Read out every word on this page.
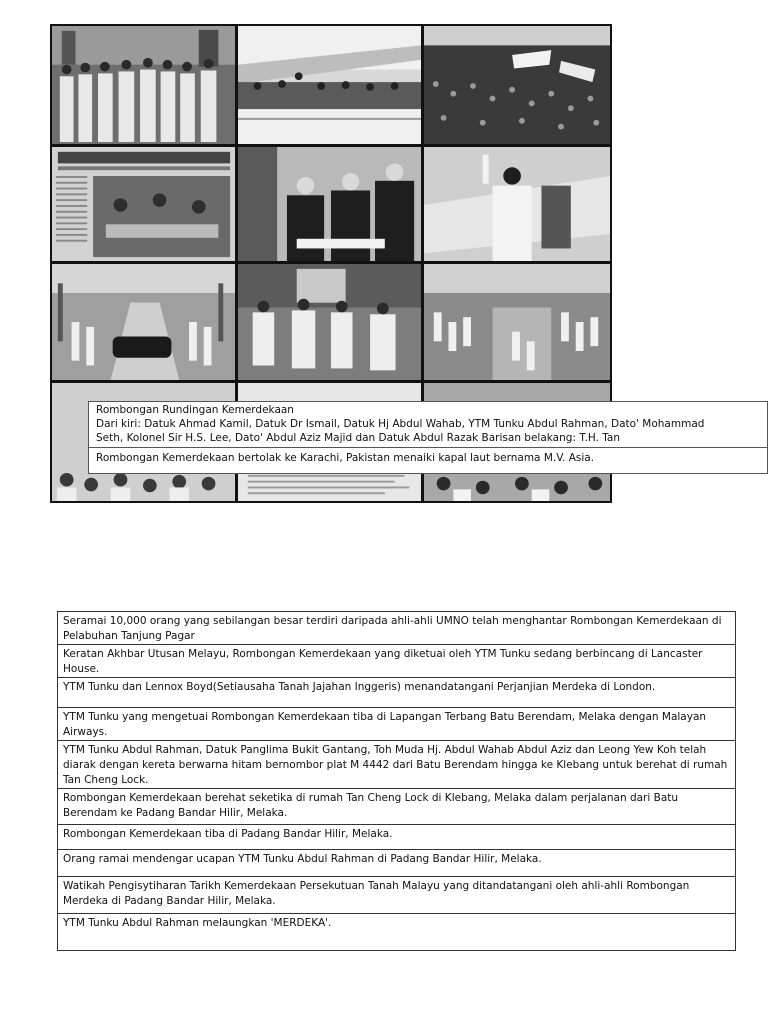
Rombongan Rundingan Kemerdekaan
Dari kiri: Datuk Ahmad Kamil, Datuk Dr Ismail, Datuk Hj Abdul Wahab, YTM Tunku Abdul Rahman, Dato' Mohammad
Seth, Kolonel Sir H.S. Lee, Dato' Abdul Aziz Majid dan Datuk Abdul Razak Barisan belakang: T.H. Tan
Rombongan Kemerdekaan bertolak ke Karachi, Pakistan menaiki kapal laut bernama M.V. Asia.
Seramai 10,000 orang yang sebilangan besar terdiri daripada ahli-ahli UMNO telah menghantar Rombongan Kemerdekaan di Pelabuhan Tanjung Pagar
Keratan Akhbar Utusan Melayu, Rombongan Kemerdekaan yang diketuai oleh YTM Tunku sedang berbincang di Lancaster House.
YTM Tunku dan Lennox Boyd(Setiausaha Tanah Jajahan Inggeris) menandatangani Perjanjian Merdeka di London.
YTM Tunku yang mengetuai Rombongan Kemerdekaan tiba di Lapangan Terbang Batu Berendam, Melaka dengan Malayan Airways.
YTM Tunku Abdul Rahman, Datuk Panglima Bukit Gantang, Toh Muda Hj. Abdul Wahab Abdul Aziz dan Leong Yew Koh telah diarak dengan kereta berwarna hitam bernombor plat M 4442 dari Batu Berendam hingga ke Klebang untuk berehat di rumah Tan Cheng Lock.
Rombongan Kemerdekaan berehat seketika di rumah Tan Cheng Lock di Klebang, Melaka dalam perjalanan dari Batu Berendam ke Padang Bandar Hilir, Melaka.
Rombongan Kemerdekaan tiba di Padang Bandar Hilir, Melaka.
Orang ramai mendengar ucapan YTM Tunku Abdul Rahman di Padang Bandar Hilir, Melaka.
Watikah Pengisytiharan Tarikh Kemerdekaan Persekutuan Tanah Malayu yang ditandatangani oleh ahli-ahli Rombongan Merdeka di Padang Bandar Hilir, Melaka.
YTM Tunku Abdul Rahman melaungkan 'MERDEKA'.
